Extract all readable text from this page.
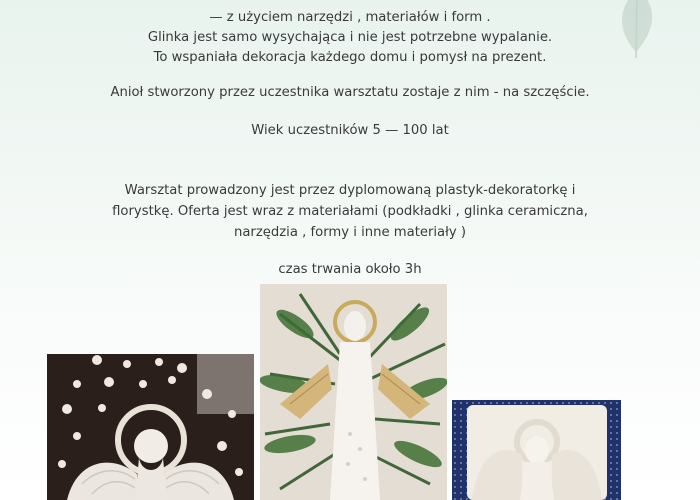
— z użyciem narzędzi , materiałów i form .
Glinka jest samo wysychająca i nie jest potrzebne wypalanie.
To wspaniała dekoracja każdego domu i pomysł na prezent.
Anioł stworzony przez uczestnika warsztatu zostaje z nim - na szczęście.
Wiek uczestników 5 — 100 lat
Warsztat prowadzony jest przez dyplomowaną plastyk-dekoratorkę i
florystkę. Oferta jest wraz z materiałami (podkładki , glinka ceramiczna,
narzędzia , formy i inne materiały )
czas trwania około 3h
